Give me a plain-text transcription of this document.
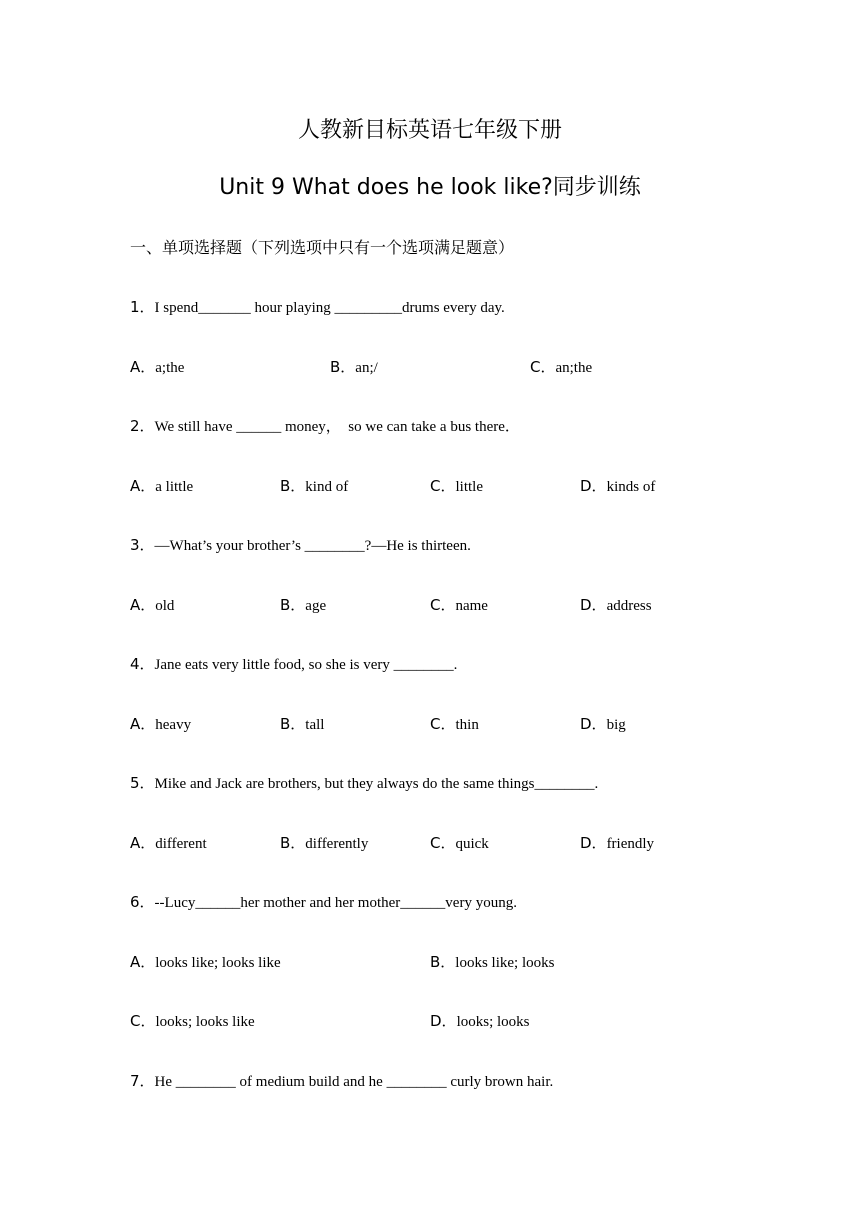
人教新目标英语七年级下册
Unit 9 What does he look like?同步训练
一、单项选择题（下列选项中只有一个选项满足题意）
1．I spend_______ hour playing _________drums every day.
A．a;the	B．an;/	C．an;the
2．We still have ______ money，  so we can take a bus there．
A．a little	B．kind of	C．little	D．kinds of
3．—What’s your brother’s ________?—He is thirteen.
A．old	B．age	C．name	D．address
4．Jane eats very little food, so she is very ________.
A．heavy	B．tall	C．thin	D．big
5．Mike and Jack are brothers, but they always do the same things________.
A．different	B．differently	C．quick	D．friendly
6．--Lucy______her mother and her mother______very young.
A．looks like; looks like	B．looks like; looks
C．looks; looks like	D．looks; looks
7．He ________ of medium build and he ________ curly brown hair.
